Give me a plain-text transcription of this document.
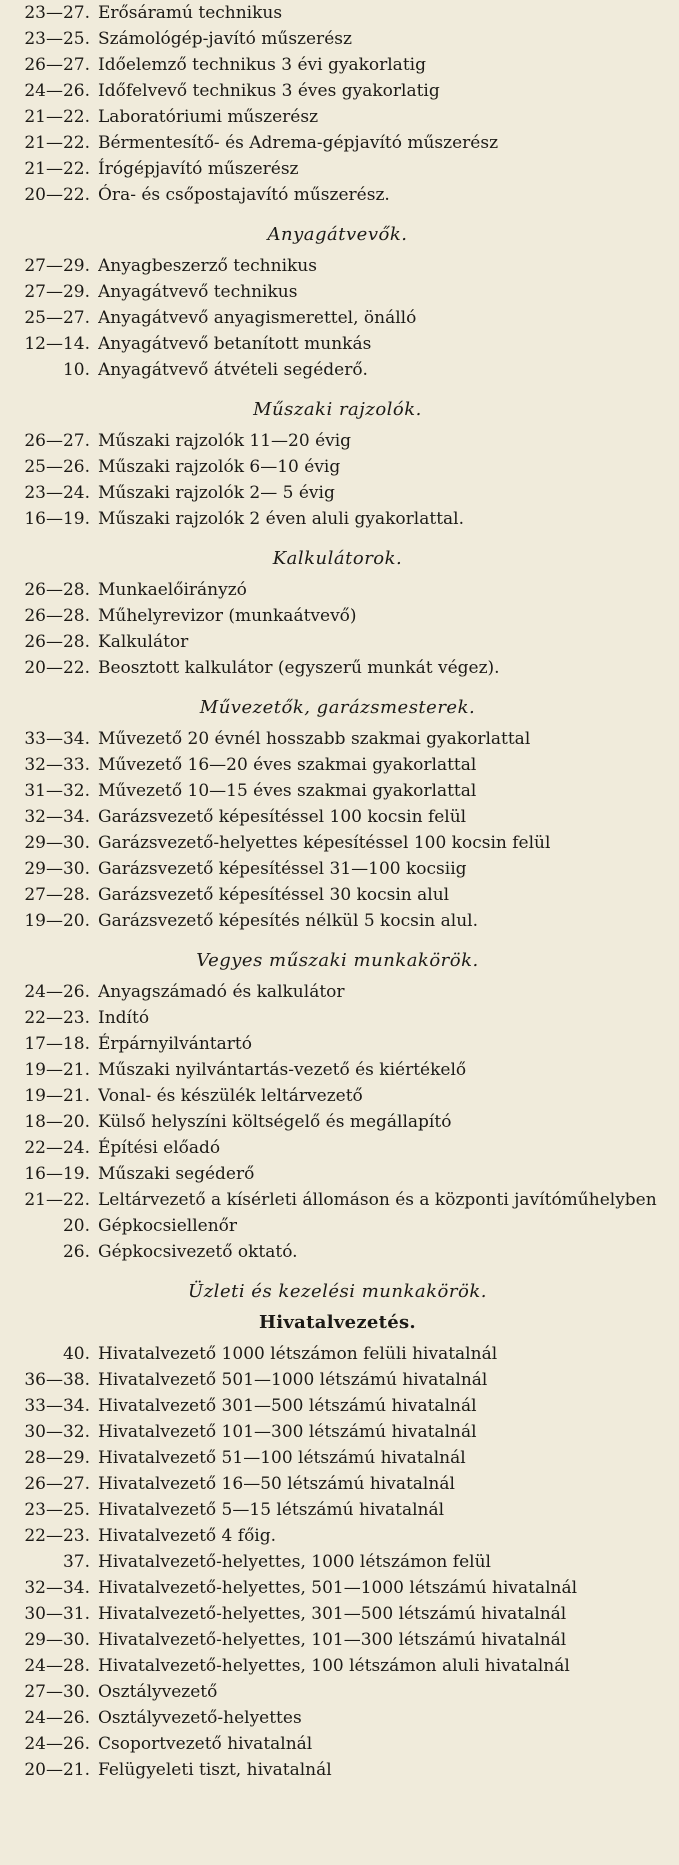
23—27. Erősáramú technikus
23—25. Számológép-javító műszerész
26—27. Időelemző technikus 3 évi gyakorlatig
24—26. Időfelvevő technikus 3 éves gyakorlatig
21—22. Laboratóriumi műszerész
21—22. Bérmentesítő- és Adrema-gépjavító műszerész
21—22. Írógépjavító műszerész
20—22. Óra- és csőpostajavító műszerész.
Anyagátvevők.
27—29. Anyagbeszerző technikus
27—29. Anyagátvevő technikus
25—27. Anyagátvevő anyagismerettel, önálló
12—14. Anyagátvevő betanított munkás
10. Anyagátvevő átvételi segéderő.
Műszaki rajzolók.
26—27. Műszaki rajzolók 11—20 évig
25—26. Műszaki rajzolók 6—10 évig
23—24. Műszaki rajzolók 2— 5 évig
16—19. Műszaki rajzolók 2 éven aluli gyakorlattal.
Kalkulátorok.
26—28. Munkaelőirányzó
26—28. Műhelyrevizor (munkaátvevő)
26—28. Kalkulátor
20—22. Beosztott kalkulátor (egyszerű munkát végez).
Művezetők, garázsmesterek.
33—34. Művezető 20 évnél hosszabb szakmai gyakorlattal
32—33. Művezető 16—20 éves szakmai gyakorlattal
31—32. Művezető 10—15 éves szakmai gyakorlattal
32—34. Garázsvezető képesítéssel 100 kocsin felül
29—30. Garázsvezető-helyettes képesítéssel 100 kocsin felül
29—30. Garázsvezető képesítéssel 31—100 kocsiig
27—28. Garázsvezető képesítéssel 30 kocsin alul
19—20. Garázsvezető képesítés nélkül 5 kocsin alul.
Vegyes műszaki munkakörök.
24—26. Anyagszámadó és kalkulátor
22—23. Indító
17—18. Érpárnyilvántartó
19—21. Műszaki nyilvántartás-vezető és kiértékelő
19—21. Vonal- és készülék leltárvezető
18—20. Külső helyszíni költségelő és megállapító
22—24. Építési előadó
16—19. Műszaki segéderő
21—22. Leltárvezető a kísérleti állomáson és a központi javítóműhelyben
20. Gépkocsiellenőr
26. Gépkocsivezető oktató.
Üzleti és kezelési munkakörök.
Hivatalvezetés.
40. Hivatalvezető 1000 létszámon felüli hivatalnál
36—38. Hivatalvezető 501—1000 létszámú hivatalnál
33—34. Hivatalvezető 301—500 létszámú hivatalnál
30—32. Hivatalvezető 101—300 létszámú hivatalnál
28—29. Hivatalvezető 51—100 létszámú hivatalnál
26—27. Hivatalvezető 16—50 létszámú hivatalnál
23—25. Hivatalvezető 5—15 létszámú hivatalnál
22—23. Hivatalvezető 4 főig.
37. Hivatalvezető-helyettes, 1000 létszámon felül
32—34. Hivatalvezető-helyettes, 501—1000 létszámú hivatalnál
30—31. Hivatalvezető-helyettes, 301—500 létszámú hivatalnál
29—30. Hivatalvezető-helyettes, 101—300 létszámú hivatalnál
24—28. Hivatalvezető-helyettes, 100 létszámon aluli hivatalnál
27—30. Osztályvezető
24—26. Osztályvezető-helyettes
24—26. Csoportvezető hivatalnál
20—21. Felügyeleti tiszt, hivatalnál
